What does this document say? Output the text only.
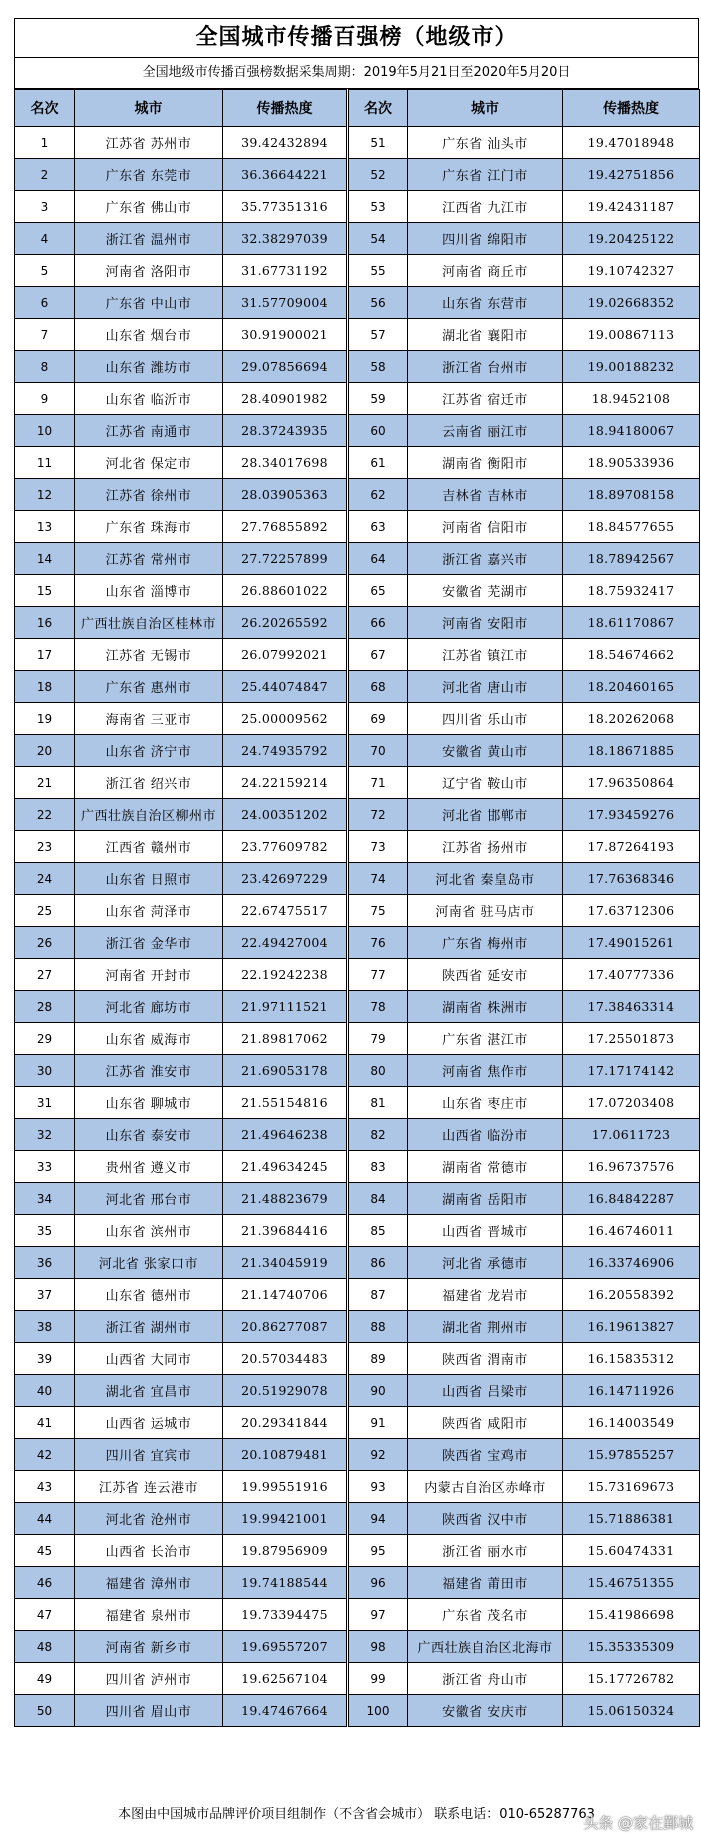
全国城市传播百强榜（地级市）
全国地级市传播百强榜数据采集周期：2019年5月21日至2020年5月20日
名次	城市	传播热度	名次	城市	传播热度
1	江苏省 苏州市	39.42432894	51	广东省 汕头市	19.47018948
2	广东省 东莞市	36.36644221	52	广东省 江门市	19.42751856
3	广东省 佛山市	35.77351316	53	江西省 九江市	19.42431187
4	浙江省 温州市	32.38297039	54	四川省 绵阳市	19.20425122
5	河南省 洛阳市	31.67731192	55	河南省 商丘市	19.10742327
6	广东省 中山市	31.57709004	56	山东省 东营市	19.02668352
7	山东省 烟台市	30.91900021	57	湖北省 襄阳市	19.00867113
8	山东省 潍坊市	29.07856694	58	浙江省 台州市	19.00188232
9	山东省 临沂市	28.40901982	59	江苏省 宿迁市	18.9452108
10	江苏省 南通市	28.37243935	60	云南省 丽江市	18.94180067
11	河北省 保定市	28.34017698	61	湖南省 衡阳市	18.90533936
12	江苏省 徐州市	28.03905363	62	吉林省 吉林市	18.89708158
13	广东省 珠海市	27.76855892	63	河南省 信阳市	18.84577655
14	江苏省 常州市	27.72257899	64	浙江省 嘉兴市	18.78942567
15	山东省 淄博市	26.88601022	65	安徽省 芜湖市	18.75932417
16	广西壮族自治区桂林市	26.20265592	66	河南省 安阳市	18.61170867
17	江苏省 无锡市	26.07992021	67	江苏省 镇江市	18.54674662
18	广东省 惠州市	25.44074847	68	河北省 唐山市	18.20460165
19	海南省 三亚市	25.00009562	69	四川省 乐山市	18.20262068
20	山东省 济宁市	24.74935792	70	安徽省 黄山市	18.18671885
21	浙江省 绍兴市	24.22159214	71	辽宁省 鞍山市	17.96350864
22	广西壮族自治区柳州市	24.00351202	72	河北省 邯郸市	17.93459276
23	江西省 赣州市	23.77609782	73	江苏省 扬州市	17.87264193
24	山东省 日照市	23.42697229	74	河北省 秦皇岛市	17.76368346
25	山东省 菏泽市	22.67475517	75	河南省 驻马店市	17.63712306
26	浙江省 金华市	22.49427004	76	广东省 梅州市	17.49015261
27	河南省 开封市	22.19242238	77	陕西省 延安市	17.40777336
28	河北省 廊坊市	21.97111521	78	湖南省 株洲市	17.38463314
29	山东省 威海市	21.89817062	79	广东省 湛江市	17.25501873
30	江苏省 淮安市	21.69053178	80	河南省 焦作市	17.17174142
31	山东省 聊城市	21.55154816	81	山东省 枣庄市	17.07203408
32	山东省 泰安市	21.49646238	82	山西省 临汾市	17.0611723
33	贵州省 遵义市	21.49634245	83	湖南省 常德市	16.96737576
34	河北省 邢台市	21.48823679	84	湖南省 岳阳市	16.84842287
35	山东省 滨州市	21.39684416	85	山西省 晋城市	16.46746011
36	河北省 张家口市	21.34045919	86	河北省 承德市	16.33746906
37	山东省 德州市	21.14740706	87	福建省 龙岩市	16.20558392
38	浙江省 湖州市	20.86277087	88	湖北省 荆州市	16.19613827
39	山西省 大同市	20.57034483	89	陕西省 渭南市	16.15835312
40	湖北省 宜昌市	20.51929078	90	山西省 吕梁市	16.14711926
41	山西省 运城市	20.29341844	91	陕西省 咸阳市	16.14003549
42	四川省 宜宾市	20.10879481	92	陕西省 宝鸡市	15.97855257
43	江苏省 连云港市	19.99551916	93	内蒙古自治区赤峰市	15.73169673
44	河北省 沧州市	19.99421001	94	陕西省 汉中市	15.71886381
45	山西省 长治市	19.87956909	95	浙江省 丽水市	15.60474331
46	福建省 漳州市	19.74188544	96	福建省 莆田市	15.46751355
47	福建省 泉州市	19.73394475	97	广东省 茂名市	15.41986698
48	河南省 新乡市	19.69557207	98	广西壮族自治区北海市	15.35335309
49	四川省 泸州市	19.62567104	99	浙江省 舟山市	15.17726782
50	四川省 眉山市	19.47467664	100	安徽省 安庆市	15.06150324
本图由中国城市品牌评价项目组制作（不含省会城市） 联系电话：010-65287763
头条 @家在鄞城
